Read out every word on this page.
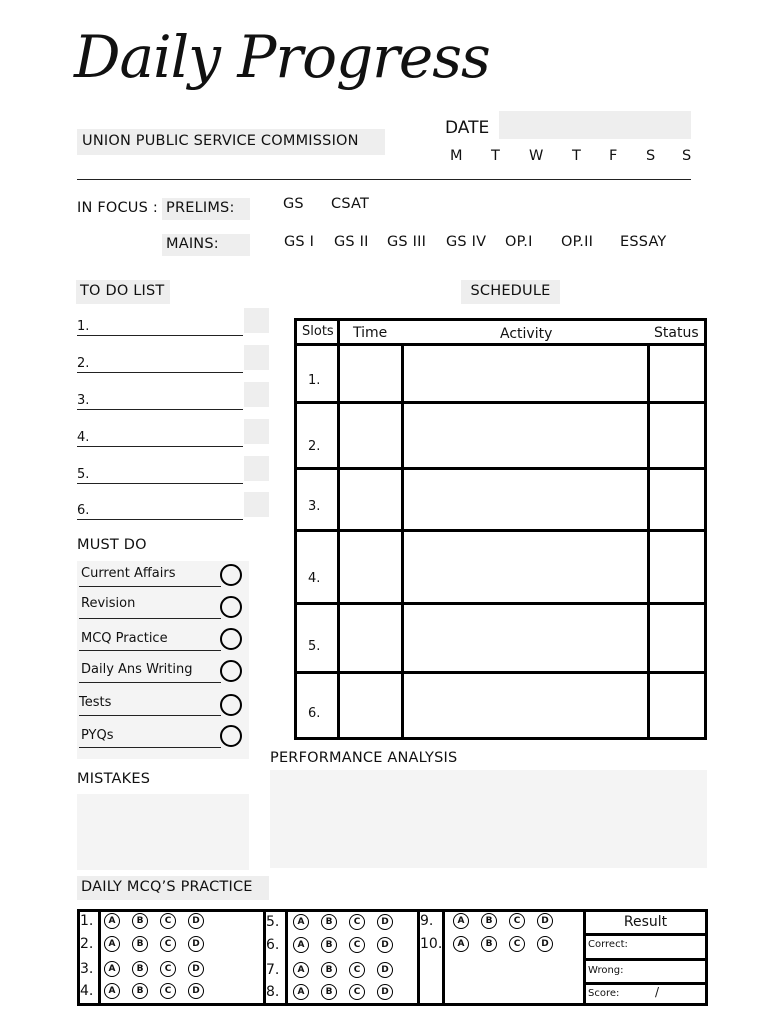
Daily Progress
UNION PUBLIC SERVICE COMMISSION
DATE
M T W T F S S
IN FOCUS : PRELIMS:	GS CSAT
MAINS:	GS I GS II GS III GS IV OP.I OP.II ESSAY
TO DO LIST
1.
2.
3.
4.
5.
6.
MUST DO
Current Affairs
Revision
MCQ Practice
Daily Ans Writing
Tests
PYQs
SCHEDULE
Slots Time	Activity	Status
1.
2.
3.
4.
5.
6.
MISTAKES
PERFORMANCE ANALYSIS
DAILY MCQ’S PRACTICE
1.	A	B	C	D
2.	A	B	C	D
3.	A	B	C	D
4.	A	B	C	D
5.	A	B	C	D
6.	A	B	C	D
7.	A	B	C	D
8.	A	B	C	D
9.	A	B	C	D
10.	A	B	C	D
Result
Correct:
Wrong:
Score:	/
